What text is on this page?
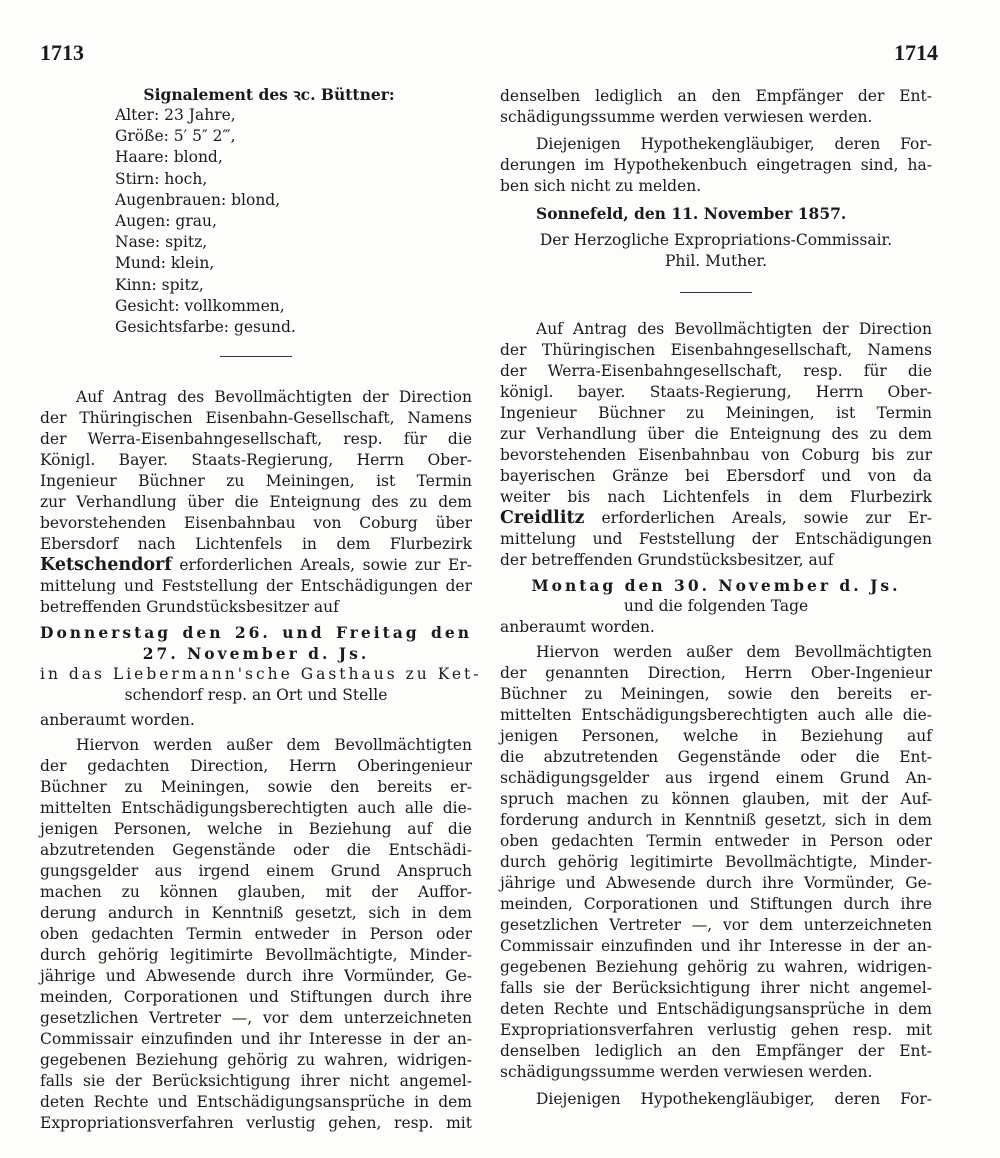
1713	1714
Signalement des ꝛc. Büttner:
Alter: 23 Jahre,
Größe: 5′ 5″ 2‴,
Haare: blond,
Stirn: hoch,
Augenbrauen: blond,
Augen: grau,
Nase: spitz,
Mund: klein,
Kinn: spitz,
Gesicht: vollkommen,
Gesichtsfarbe: gesund.
Auf Antrag des Bevollmächtigten der Direction
der Thüringischen Eisenbahn-Gesellschaft, Namens
der Werra-Eisenbahngesellschaft, resp. für die
Königl. Bayer. Staats-Regierung, Herrn Ober-
Ingenieur Büchner zu Meiningen, ist Termin
zur Verhandlung über die Enteignung des zu dem
bevorstehenden Eisenbahnbau von Coburg über
Ebersdorf nach Lichtenfels in dem Flurbezirk
Ketschendorf erforderlichen Areals, sowie zur Er-
mittelung und Feststellung der Entschädigungen der
betreffenden Grundstücksbesitzer auf
Donnerstag den 26. und Freitag den
27. November d. Js.
in das Liebermann'sche Gasthaus zu Ket-
schendorf resp. an Ort und Stelle
anberaumt worden.
Hiervon werden außer dem Bevollmächtigten
der gedachten Direction, Herrn Oberingenieur
Büchner zu Meiningen, sowie den bereits er-
mittelten Entschädigungsberechtigten auch alle die-
jenigen Personen, welche in Beziehung auf die
abzutretenden Gegenstände oder die Entschädi-
gungsgelder aus irgend einem Grund Anspruch
machen zu können glauben, mit der Auffor-
derung andurch in Kenntniß gesetzt, sich in dem
oben gedachten Termin entweder in Person oder
durch gehörig legitimirte Bevollmächtigte, Minder-
jährige und Abwesende durch ihre Vormünder, Ge-
meinden, Corporationen und Stiftungen durch ihre
gesetzlichen Vertreter —, vor dem unterzeichneten
Commissair einzufinden und ihr Interesse in der an-
gegebenen Beziehung gehörig zu wahren, widrigen-
falls sie der Berücksichtigung ihrer nicht angemel-
deten Rechte und Entschädigungsansprüche in dem
Expropriationsverfahren verlustig gehen, resp. mit
denselben lediglich an den Empfänger der Ent-
schädigungssumme werden verwiesen werden.
Diejenigen Hypothekengläubiger, deren For-
derungen im Hypothekenbuch eingetragen sind, ha-
ben sich nicht zu melden.
Sonnefeld, den 11. November 1857.
Der Herzogliche Expropriations-Commissair.
Phil. Muther.
Auf Antrag des Bevollmächtigten der Direction
der Thüringischen Eisenbahngesellschaft, Namens
der Werra-Eisenbahngesellschaft, resp. für die
königl. bayer. Staats-Regierung, Herrn Ober-
Ingenieur Büchner zu Meiningen, ist Termin
zur Verhandlung über die Enteignung des zu dem
bevorstehenden Eisenbahnbau von Coburg bis zur
bayerischen Gränze bei Ebersdorf und von da
weiter bis nach Lichtenfels in dem Flurbezirk
Creidlitz erforderlichen Areals, sowie zur Er-
mittelung und Feststellung der Entschädigungen
der betreffenden Grundstücksbesitzer, auf
Montag den 30. November d. Js.
und die folgenden Tage
anberaumt worden.
Hiervon werden außer dem Bevollmächtigten
der genannten Direction, Herrn Ober-Ingenieur
Büchner zu Meiningen, sowie den bereits er-
mittelten Entschädigungsberechtigten auch alle die-
jenigen Personen, welche in Beziehung auf
die abzutretenden Gegenstände oder die Ent-
schädigungsgelder aus irgend einem Grund An-
spruch machen zu können glauben, mit der Auf-
forderung andurch in Kenntniß gesetzt, sich in dem
oben gedachten Termin entweder in Person oder
durch gehörig legitimirte Bevollmächtigte, Minder-
jährige und Abwesende durch ihre Vormünder, Ge-
meinden, Corporationen und Stiftungen durch ihre
gesetzlichen Vertreter —, vor dem unterzeichneten
Commissair einzufinden und ihr Interesse in der an-
gegebenen Beziehung gehörig zu wahren, widrigen-
falls sie der Berücksichtigung ihrer nicht angemel-
deten Rechte und Entschädigungsansprüche in dem
Expropriationsverfahren verlustig gehen resp. mit
denselben lediglich an den Empfänger der Ent-
schädigungssumme werden verwiesen werden.
Diejenigen Hypothekengläubiger, deren For-
